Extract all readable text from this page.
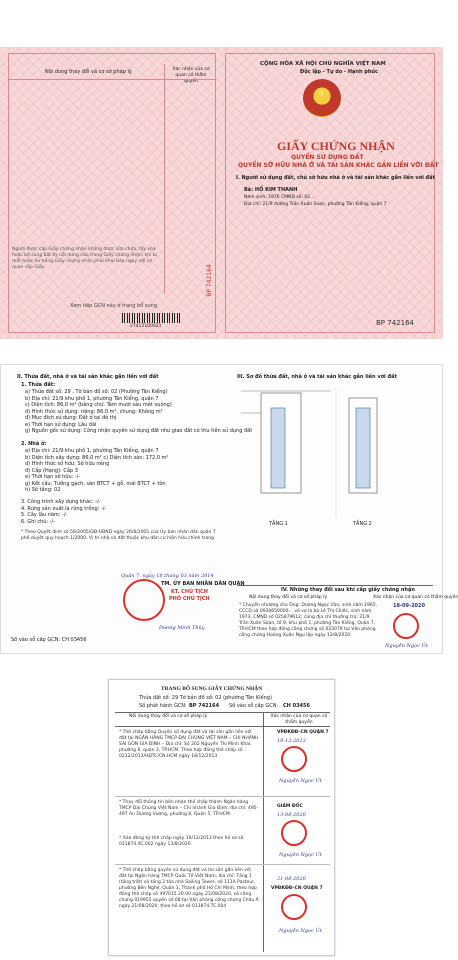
Nội dung thay đổi và cơ sở pháp lý	Xác nhận của cơ quan có thẩm quyền
Người được cấp Giấy chứng nhận không được sửa chữa, tẩy xóa hoặc bổ sung bất kỳ nội dung nào trong Giấy chứng nhận; khi bị mất hoặc hư hỏng Giấy chứng nhận phải khai báo ngay với cơ quan cấp Giấy.
Xem tiếp GCN này ở trang bổ sung
27412100021
BP 742164
CỘNG HÒA XÃ HỘI CHỦ NGHĨA VIỆT NAM
Độc lập - Tự do - Hạnh phúc
★
GIẤY CHỨNG NHẬN
QUYỀN SỬ DỤNG ĐẤT
QUYỀN SỞ HỮU NHÀ Ở VÀ TÀI SẢN KHÁC GẮN LIỀN VỚI ĐẤT
I. Người sử dụng đất, chủ sở hữu nhà ở và tài sản khác gắn liền với đất
Bà: HỒ KIM THANH
Năm sinh: 1976 CMND số: 02...
Địa chỉ: 21/9 đường Trần Xuân Soạn, phường Tân Kiểng, quận 7
BP 742164
II. Thửa đất, nhà ở và tài sản khác gắn liền với đất
1. Thửa đất:
a) Thửa đất số: 29 , Tờ bản đồ số: 02 (Phường Tân Kiểng)
b) Địa chỉ: 21/9 khu phố 1, phường Tân Kiểng, quận 7
c) Diện tích: 86,0 m² (bằng chữ: Tám mươi sáu mét vuông)
d) Hình thức sử dụng: riêng: 86,0 m², chung: Không m²
đ) Mục đích sử dụng: Đất ở tại đô thị
e) Thời hạn sử dụng: Lâu dài
g) Nguồn gốc sử dụng: Công nhận quyền sử dụng đất như giao đất có thu tiền sử dụng đất
2. Nhà ở:
a) Địa chỉ: 21/9 khu phố 1, phường Tân Kiểng, quận 7
b) Diện tích xây dựng: 86,0 m² c) Diện tích sàn: 172,0 m²
d) Hình thức sở hữu: Sở hữu riêng
đ) Cấp (Hạng): Cấp 3
e) Thời hạn sở hữu: -/-
g) Kết cấu: Tường gạch, sàn BTCT + gỗ, mái BTCT + tôn
h) Số tầng: 02
3. Công trình xây dựng khác: -/-
4. Rừng sản xuất là rừng trồng: -/-
5. Cây lâu năm: -/-
6. Ghi chú: -/-
* Theo Quyết định số 56/2005/QĐ-UBND ngày 26/8/2005 của Ủy ban nhân dân quận 7 phê duyệt quy hoạch 1/2000. Vị trí nhà và đất thuộc khu dân cư hiện hữu chỉnh trang.
Quận 7, ngày 18 tháng 03 năm 2014
TM. ỦY BAN NHÂN DÂN QUẬN
KT. CHỦ TỊCH
PHÓ CHỦ TỊCH
Dương Minh Thủy
Số vào sổ cấp GCN: CH 03456
III. Sơ đồ thửa đất, nhà ở và tài sản khác gắn liền với đất
TẦNG 1	TẦNG 2
IV. Những thay đổi sau khi cấp giấy chứng nhận
Nội dung thay đổi và cơ sở pháp lý	Xác nhận của cơ quan có thẩm quyền
* Chuyển nhượng cho Ông: Dương Ngọc Văn, sinh năm 1965, CCCD số 0930650000… và vợ là bà Lê Thị Chiếc, sinh năm 1973, CMND số 025879612; cùng địa chỉ thường trú: 21/9 Trần Xuân Soạn, tổ 9, khu phố 1, phường Tân Kiểng, Quận 7, TP.HCM theo hợp đồng công chứng số 023079 tại Văn phòng công chứng Hoàng Xuân Ngụ lập ngày 12/8/2020.
18-09-2020
Nguyễn Ngọc Út
TRANG BỔ SUNG GIẤY CHỨNG NHẬN
Thửa đất số: 29 Tờ bản đồ số: 02 (phường Tân Kiểng)
Số phát hành GCN: BP 742164 Số vào sổ cấp GCN: CH 03456
Nội dung thay đổi và cơ sở pháp lý	Xác nhận của cơ quan có thẩm quyền
* Thế chấp bằng Quyền sử dụng đất và tài sản gắn liền với đất tại NGÂN HÀNG TMCP ĐẠI CHÚNG VIỆT NAM – CHI NHÁNH SÀI GÒN GIA ĐỊNH – Địa chỉ: Số 202 Nguyễn Thị Minh Khai, phường 6, quận 3, TP.HCM. Theo hợp đồng thế chấp số 0212/2013/HĐTC/CN.HCM ngày 18/12/2013
VPĐKĐĐ-CN QUẬN 7
19-12-2013
Nguyễn Ngọc Út
* Thay đổi thông tin bên nhận thế chấp thành Ngân hàng TMCP Đại Chúng Việt Nam – Chi nhánh Gia Định, địa chỉ: 495-497 An Dương Vương, phường 8, Quận 5, TP.HCM.
* Xóa đăng ký thế chấp ngày 19/12/2013 theo hồ sơ số 011874.XC.002 ngày 13/8/2020
GIÁM ĐỐC
13-08-2020
Nguyễn Ngọc Út
* Thế chấp bằng quyền sử dụng đất và tài sản gắn liền với đất tại Ngân hàng TMCP Quốc Tế Việt Nam, địa chỉ: Tầng 1 (tầng trệt) và tầng 2 tòa nhà Sailing Tower, số 111A Pasteur, phường Bến Nghé, Quận 1, Thành phố Hồ Chí Minh, theo hợp đồng thế chấp số 497015.20.00 ngày 21/08/2020, số công chứng 019955 quyển số 08 tại Văn phòng công chứng Châu Á ngày 21/08/2020, theo hồ sơ số 011874.TC.004
21-08-2020
VPĐKĐĐ-CN QUẬN 7
Nguyễn Ngọc Út
